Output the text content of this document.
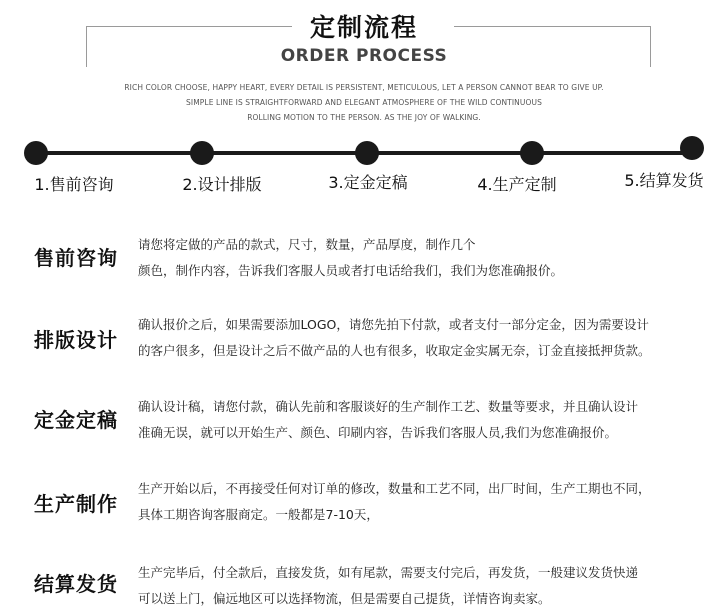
定制流程
ORDER PROCESS
RICH COLOR CHOOSE, HAPPY HEART, EVERY DETAIL IS PERSISTENT, METICULOUS, LET A PERSON CANNOT BEAR TO GIVE UP.
SIMPLE LINE IS STRAIGHTFORWARD AND ELEGANT ATMOSPHERE OF THE WILD CONTINUOUS
ROLLING MOTION TO THE PERSON. AS THE JOY OF WALKING.
1.售前咨询	2.设计排版	3.定金定稿	4.生产定制	5.结算发货
售前咨询
请您将定做的产品的款式，尺寸，数量，产品厚度，制作几个
颜色，制作内容，告诉我们客服人员或者打电话给我们，我们为您准确报价。
排版设计
确认报价之后，如果需要添加LOGO，请您先拍下付款，或者支付一部分定金，因为需要设计
的客户很多，但是设计之后不做产品的人也有很多，收取定金实属无奈，订金直接抵押货款。
定金定稿
确认设计稿，请您付款，确认先前和客服谈好的生产制作工艺、数量等要求，并且确认设计
准确无误，就可以开始生产、颜色、印刷内容，告诉我们客服人员,我们为您准确报价。
生产制作
生产开始以后，不再接受任何对订单的修改，数量和工艺不同，出厂时间，生产工期也不同，
具体工期咨询客服商定。一般都是7-10天，
结算发货 生产完毕后，付全款后，直接发货，如有尾款，需要支付完后，再发货，一般建议发货快递
可以送上门，偏远地区可以选择物流，但是需要自己提货，详情咨询卖家。
